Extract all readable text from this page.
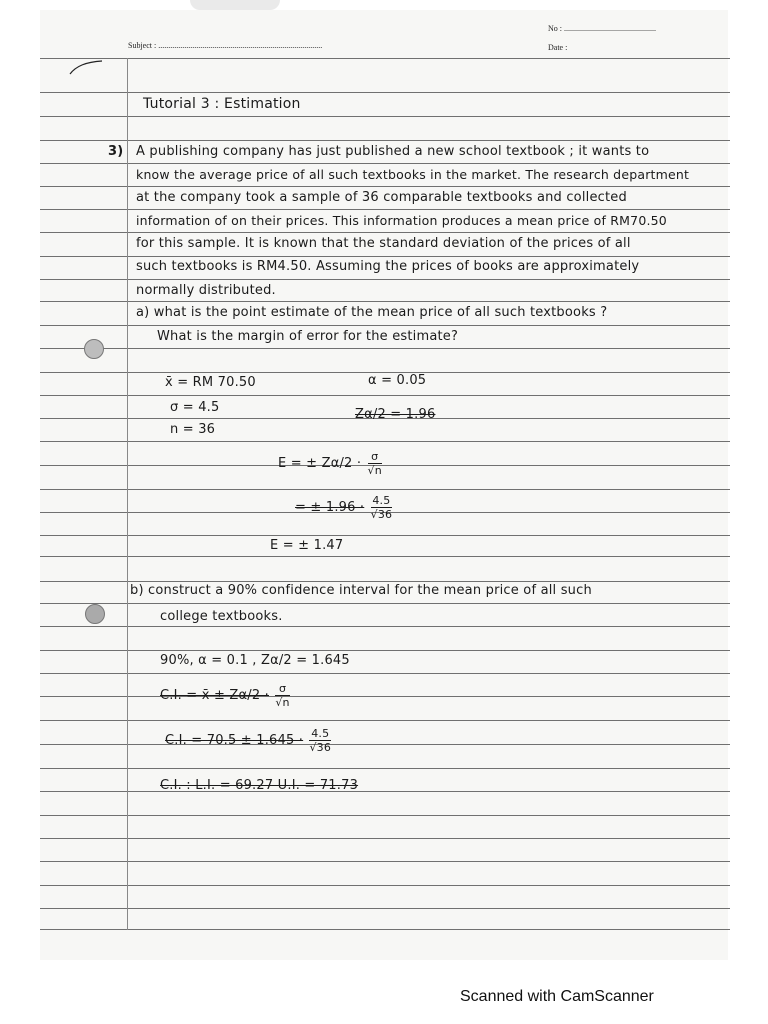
No : ..............................................
Subject : ..................................................................................	Date :
Tutorial 3 : Estimation
3) A publishing company has just published a new school textbook ; it wants to
know the average price of all such textbooks in the market. The research department
at the company took a sample of 36 comparable textbooks and collected
information of on their prices. This information produces a mean price of RM70.50
for this sample. It is known that the standard deviation of the prices of all
such textbooks is RM4.50. Assuming the prices of books are approximately
normally distributed.
a) what is the point estimate of the mean price of all such textbooks ?
What is the margin of error for the estimate?
x̄ = RM 70.50	α = 0.05
σ = 4.5	Zα/2 = 1.96
n = 36
E = ± $Z\alpha/2 \cdot \frac{\sigma}{√n}$
= ± $1.96 \cdot \frac{4.5}{√36}$
E = ± 1.47
b) construct a 90% confidence interval for the mean price of all such
college textbooks.
90%, α = 0.1 , Zα/2 = 1.645
C.I. = x̄ ± $Z\alpha/2 \cdot \frac{\sigma}{√n}$
C.I. = $70.5 \pm 1.645 \cdot \frac{4.5}{√36}$
C.I. : L.I. = 69.27 U.I. = 71.73
Scanned with CamScanner
